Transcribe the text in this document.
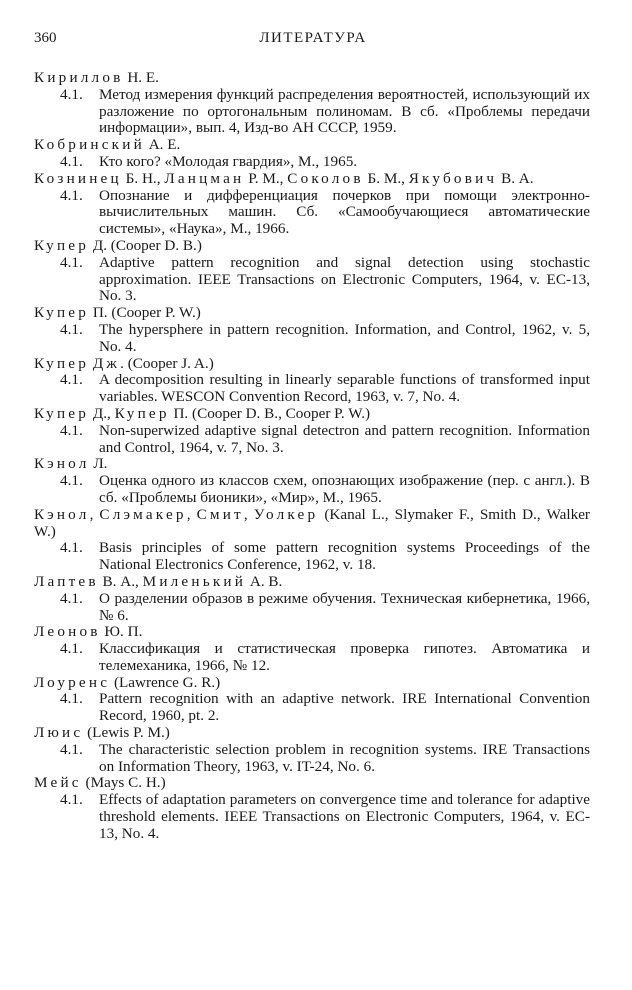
360	ЛИТЕРАТУРА
Кириллов Н. Е.
4.1. Метод измерения функций распределения вероятностей, использующий их разложение по ортогональным полиномам. В сб. «Проблемы передачи информации», вып. 4, Изд-во АН СССР, 1959.
Кобринский А. Е.
4.1. Кто кого? «Молодая гвардия», М., 1965.
Кознинец Б. Н., Ланцман Р. М., Соколов Б. М., Якубович В. А.
4.1. Опознание и дифференциация почерков при помощи электронно-вычислительных машин. Сб. «Самообучающиеся автоматические системы», «Наука», М., 1966.
Купер Д. (Cooper D. B.)
4.1. Adaptive pattern recognition and signal detection using stochastic approximation. IEEE Transactions on Electronic Computers, 1964, v. EC-13, No. 3.
Купер П. (Cooper P. W.)
4.1. The hypersphere in pattern recognition. Information, and Control, 1962, v. 5, No. 4.
Купер Дж. (Cooper J. A.)
4.1. A decomposition resulting in linearly separable functions of transformed input variables. WESCON Convention Record, 1963, v. 7, No. 4.
Купер Д., Купер П. (Cooper D. B., Cooper P. W.)
4.1. Non-superwized adaptive signal detectron and pattern recognition. Information and Control, 1964, v. 7, No. 3.
Кэнол Л.
4.1. Оценка одного из классов схем, опознающих изображение (пер. с англ.). В сб. «Проблемы бионики», «Мир», М., 1965.
Кэнол, Слэмакер, Смит, Уолкер (Kanal L., Slymaker F., Smith D., Walker W.)
4.1. Basis principles of some pattern recognition systems Proceedings of the National Electronics Conference, 1962, v. 18.
Лаптев В. А., Миленький А. В.
4.1. О разделении образов в режиме обучения. Техническая кибернетика, 1966, № 6.
Леонов Ю. П.
4.1. Классификация и статистическая проверка гипотез. Автоматика и телемеханика, 1966, № 12.
Лоуренс (Lawrence G. R.)
4.1. Pattern recognition with an adaptive network. IRE International Convention Record, 1960, pt. 2.
Люис (Lewis P. M.)
4.1. The characteristic selection problem in recognition systems. IRE Transactions on Information Theory, 1963, v. IT-24, No. 6.
Мейс (Mays C. H.)
4.1. Effects of adaptation parameters on convergence time and tolerance for adaptive threshold elements. IEEE Transactions on Electronic Computers, 1964, v. EC-13, No. 4.
